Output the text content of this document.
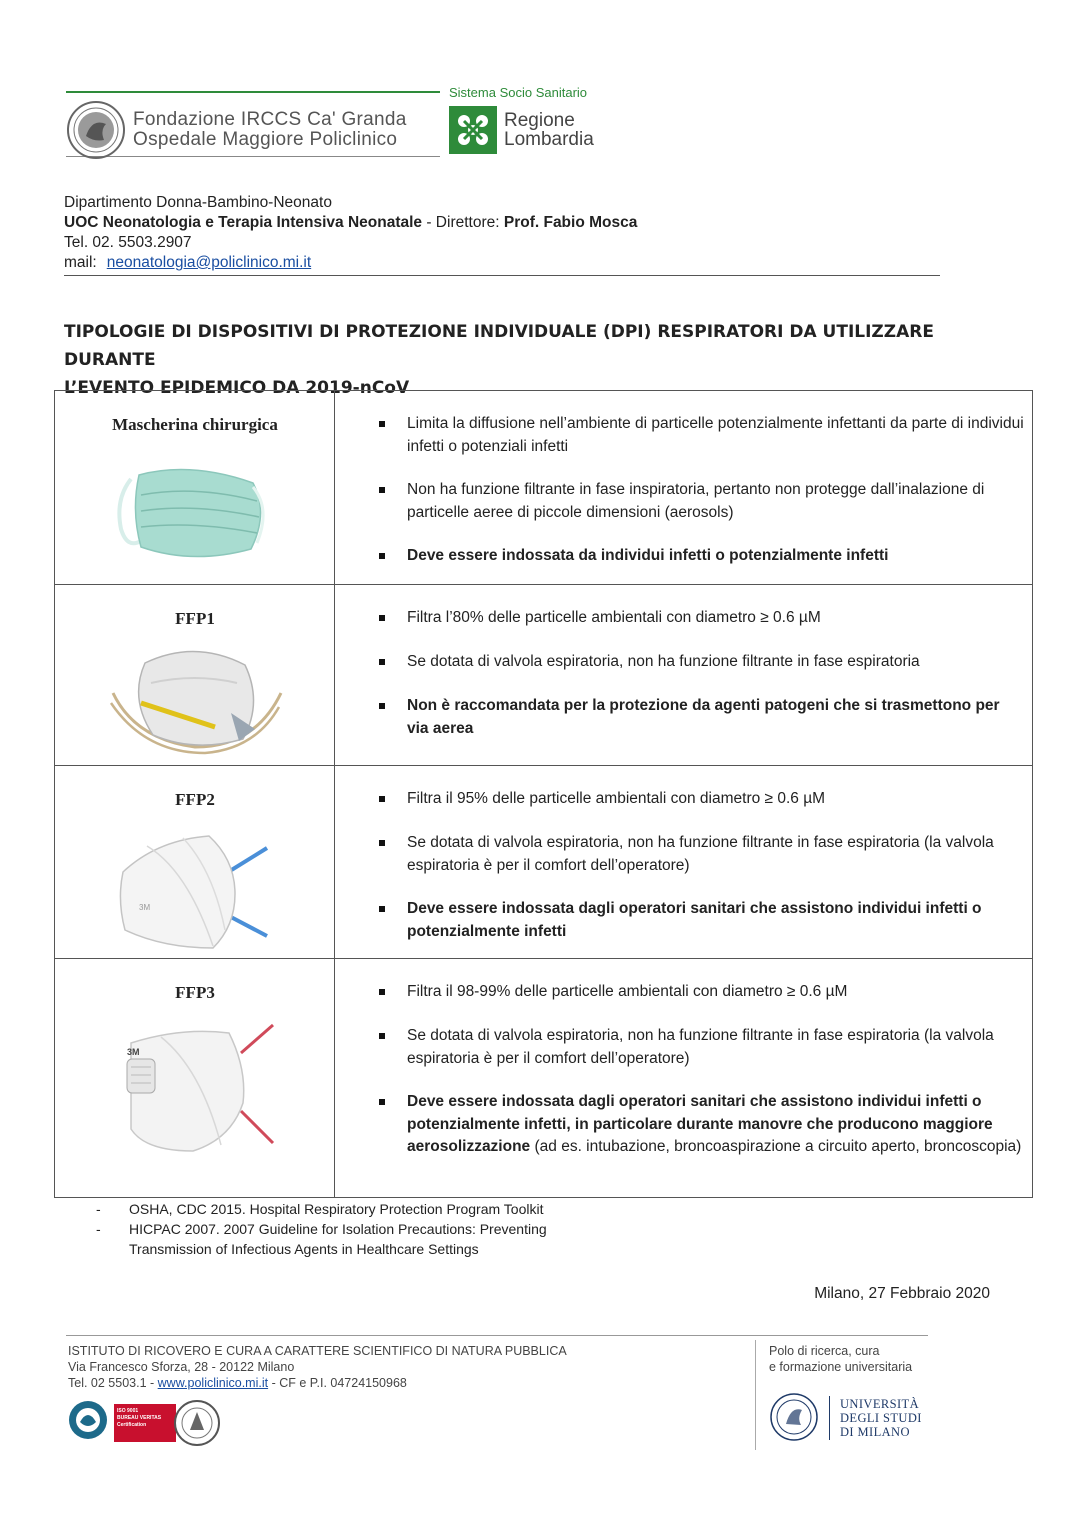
Fondazione IRCCS Ca' Granda
Ospedale Maggiore Policlinico
Sistema Socio Sanitario
Regione
Lombardia
Dipartimento Donna-Bambino-Neonato
UOC Neonatologia e Terapia Intensiva Neonatale - Direttore: Prof. Fabio Mosca
Tel. 02. 5503.2907
mail: neonatologia@policlinico.mi.it
TIPOLOGIE DI DISPOSITIVI DI PROTEZIONE INDIVIDUALE (DPI) RESPIRATORI DA UTILIZZARE DURANTE
L’EVENTO EPIDEMICO DA 2019-nCoV
Mascherina chirurgica	Limita la diffusione nell’ambiente di particelle potenzialmente infettanti da parte di individui infetti o potenziali infetti
Non ha funzione filtrante in fase inspiratoria, pertanto non protegge dall’inalazione di particelle aeree di piccole dimensioni (aerosols)
Deve essere indossata da individui infetti o potenzialmente infetti
FFP1	Filtra l’80% delle particelle ambientali con diametro ≥ 0.6 µM
Se dotata di valvola espiratoria, non ha funzione filtrante in fase espiratoria
Non è raccomandata per la protezione da agenti patogeni che si trasmettono per via aerea
FFP2
3M
Filtra il 95% delle particelle ambientali con diametro ≥ 0.6 µM
Se dotata di valvola espiratoria, non ha funzione filtrante in fase espiratoria (la valvola espiratoria è per il comfort dell’operatore)
Deve essere indossata dagli operatori sanitari che assistono individui infetti o potenzialmente infetti
FFP3
3M
Filtra il 98-99% delle particelle ambientali con diametro ≥ 0.6 µM
Se dotata di valvola espiratoria, non ha funzione filtrante in fase espiratoria (la valvola espiratoria è per il comfort dell’operatore)
Deve essere indossata dagli operatori sanitari che assistono individui infetti o potenzialmente infetti, in particolare durante manovre che producono maggiore aerosolizzazione (ad es. intubazione, broncoaspirazione a circuito aperto, broncoscopia)
- OSHA, CDC 2015. Hospital Respiratory Protection Program Toolkit
- HICPAC 2007. 2007 Guideline for Isolation Precautions: Preventing
Transmission of Infectious Agents in Healthcare Settings
Milano, 27 Febbraio 2020
ISTITUTO DI RICOVERO E CURA A CARATTERE SCIENTIFICO DI NATURA PUBBLICA
Via Francesco Sforza, 28 - 20122 Milano
Tel. 02 5503.1 - www.policlinico.mi.it - CF e P.I. 04724150968
ISO 9001
BUREAU VERITAS
Certification
Polo di ricerca, cura
e formazione universitaria
UNIVERSITÀ
DEGLI STUDI
DI MILANO
